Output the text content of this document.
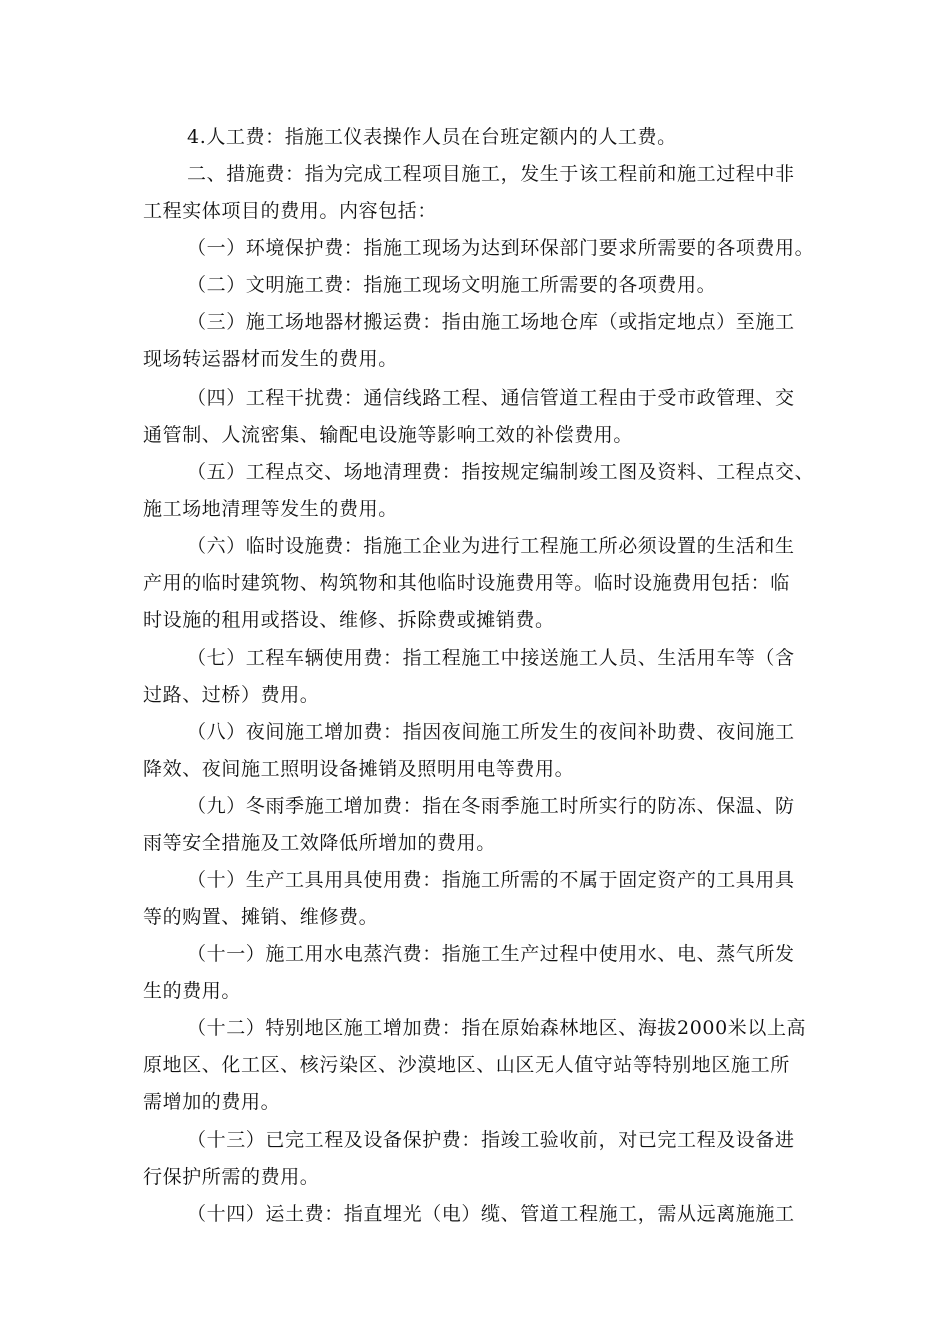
4.人工费：指施工仪表操作人员在台班定额内的人工费。
二、措施费：指为完成工程项目施工，发生于该工程前和施工过程中非
工程实体项目的费用。内容包括：
（一）环境保护费：指施工现场为达到环保部门要求所需要的各项费用。
（二）文明施工费：指施工现场文明施工所需要的各项费用。
（三）施工场地器材搬运费：指由施工场地仓库（或指定地点）至施工
现场转运器材而发生的费用。
（四）工程干扰费：通信线路工程、通信管道工程由于受市政管理、交
通管制、人流密集、输配电设施等影响工效的补偿费用。
（五）工程点交、场地清理费：指按规定编制竣工图及资料、工程点交、
施工场地清理等发生的费用。
（六）临时设施费：指施工企业为进行工程施工所必须设置的生活和生
产用的临时建筑物、构筑物和其他临时设施费用等。临时设施费用包括：临
时设施的租用或搭设、维修、拆除费或摊销费。
（七）工程车辆使用费：指工程施工中接送施工人员、生活用车等（含
过路、过桥）费用。
（八）夜间施工增加费：指因夜间施工所发生的夜间补助费、夜间施工
降效、夜间施工照明设备摊销及照明用电等费用。
（九）冬雨季施工增加费：指在冬雨季施工时所实行的防冻、保温、防
雨等安全措施及工效降低所增加的费用。
（十）生产工具用具使用费：指施工所需的不属于固定资产的工具用具
等的购置、摊销、维修费。
（十一）施工用水电蒸汽费：指施工生产过程中使用水、电、蒸气所发
生的费用。
（十二）特别地区施工增加费：指在原始森林地区、海拔2000米以上高
原地区、化工区、核污染区、沙漠地区、山区无人值守站等特别地区施工所
需增加的费用。
（十三）已完工程及设备保护费：指竣工验收前，对已完工程及设备进
行保护所需的费用。
（十四）运土费：指直埋光（电）缆、管道工程施工，需从远离施施工
